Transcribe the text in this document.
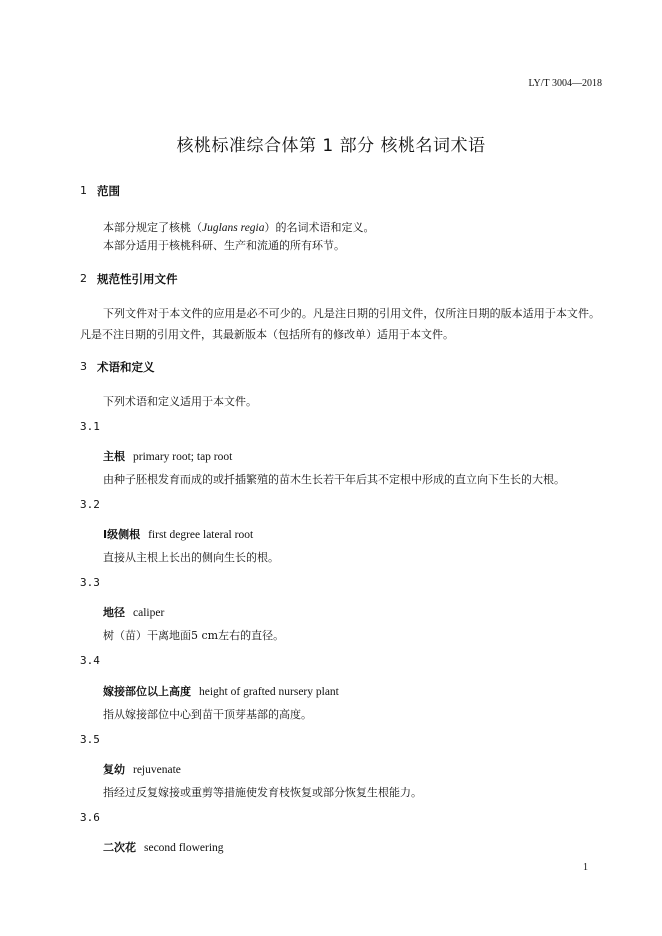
LY/T 3004—2018
核桃标准综合体第 1 部分 核桃名词术语
1 范围
本部分规定了核桃（Juglans regia）的名词术语和定义。
本部分适用于核桃科研、生产和流通的所有环节。
2 规范性引用文件
下列文件对于本文件的应用是必不可少的。凡是注日期的引用文件，仅所注日期的版本适用于本文件。凡是不注日期的引用文件，其最新版本（包括所有的修改单）适用于本文件。
3 术语和定义
下列术语和定义适用于本文件。
3.1
主根 primary root; tap root
由种子胚根发育而成的或扦插繁殖的苗木生长若干年后其不定根中形成的直立向下生长的大根。
3.2
Ⅰ级侧根 first degree lateral root
直接从主根上长出的侧向生长的根。
3.3
地径 caliper
树（苗）干离地面5 cm左右的直径。
3.4
嫁接部位以上高度 height of grafted nursery plant
指从嫁接部位中心到苗干顶芽基部的高度。
3.5
复幼 rejuvenate
指经过反复嫁接或重剪等措施使发育枝恢复或部分恢复生根能力。
3.6
二次花 second flowering
1
